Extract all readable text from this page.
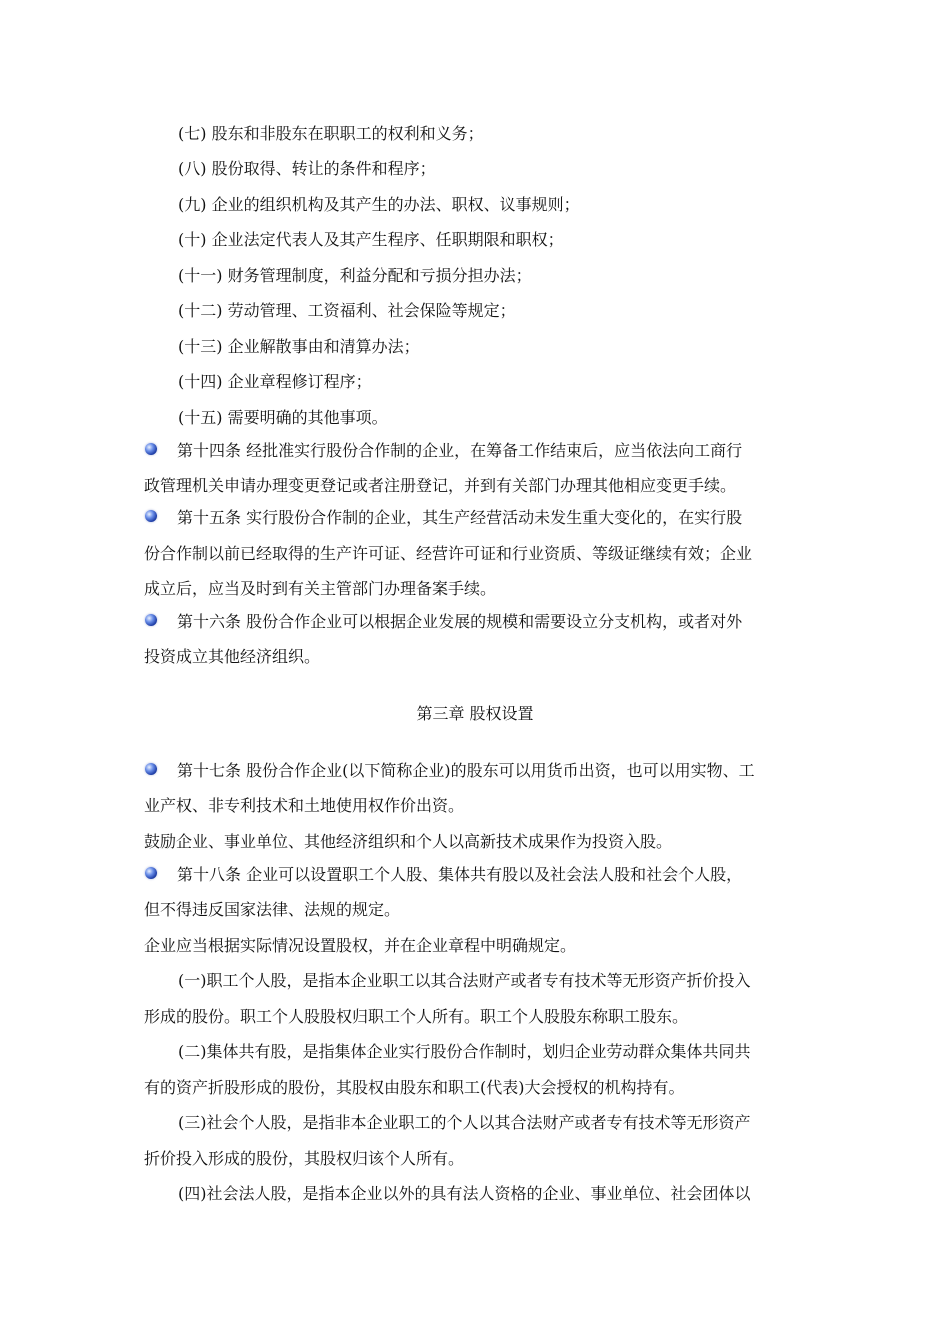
(七) 股东和非股东在职职工的权利和义务；
(八) 股份取得、转让的条件和程序；
(九) 企业的组织机构及其产生的办法、职权、议事规则；
(十) 企业法定代表人及其产生程序、任职期限和职权；
(十一) 财务管理制度，利益分配和亏损分担办法；
(十二) 劳动管理、工资福利、社会保险等规定；
(十三) 企业解散事由和清算办法；
(十四) 企业章程修订程序；
(十五) 需要明确的其他事项。
第十四条 经批准实行股份合作制的企业，在筹备工作结束后，应当依法向工商行
政管理机关申请办理变更登记或者注册登记，并到有关部门办理其他相应变更手续。
第十五条 实行股份合作制的企业，其生产经营活动未发生重大变化的，在实行股
份合作制以前已经取得的生产许可证、经营许可证和行业资质、等级证继续有效；企业
成立后，应当及时到有关主管部门办理备案手续。
第十六条 股份合作企业可以根据企业发展的规模和需要设立分支机构，或者对外
投资成立其他经济组织。
第三章 股权设置
第十七条 股份合作企业(以下简称企业)的股东可以用货币出资，也可以用实物、工
业产权、非专利技术和土地使用权作价出资。
鼓励企业、事业单位、其他经济组织和个人以高新技术成果作为投资入股。
第十八条 企业可以设置职工个人股、集体共有股以及社会法人股和社会个人股，
但不得违反国家法律、法规的规定。
企业应当根据实际情况设置股权，并在企业章程中明确规定。
(一)职工个人股，是指本企业职工以其合法财产或者专有技术等无形资产折价投入
形成的股份。职工个人股股权归职工个人所有。职工个人股股东称职工股东。
(二)集体共有股，是指集体企业实行股份合作制时，划归企业劳动群众集体共同共
有的资产折股形成的股份，其股权由股东和职工(代表)大会授权的机构持有。
(三)社会个人股，是指非本企业职工的个人以其合法财产或者专有技术等无形资产
折价投入形成的股份，其股权归该个人所有。
(四)社会法人股，是指本企业以外的具有法人资格的企业、事业单位、社会团体以
